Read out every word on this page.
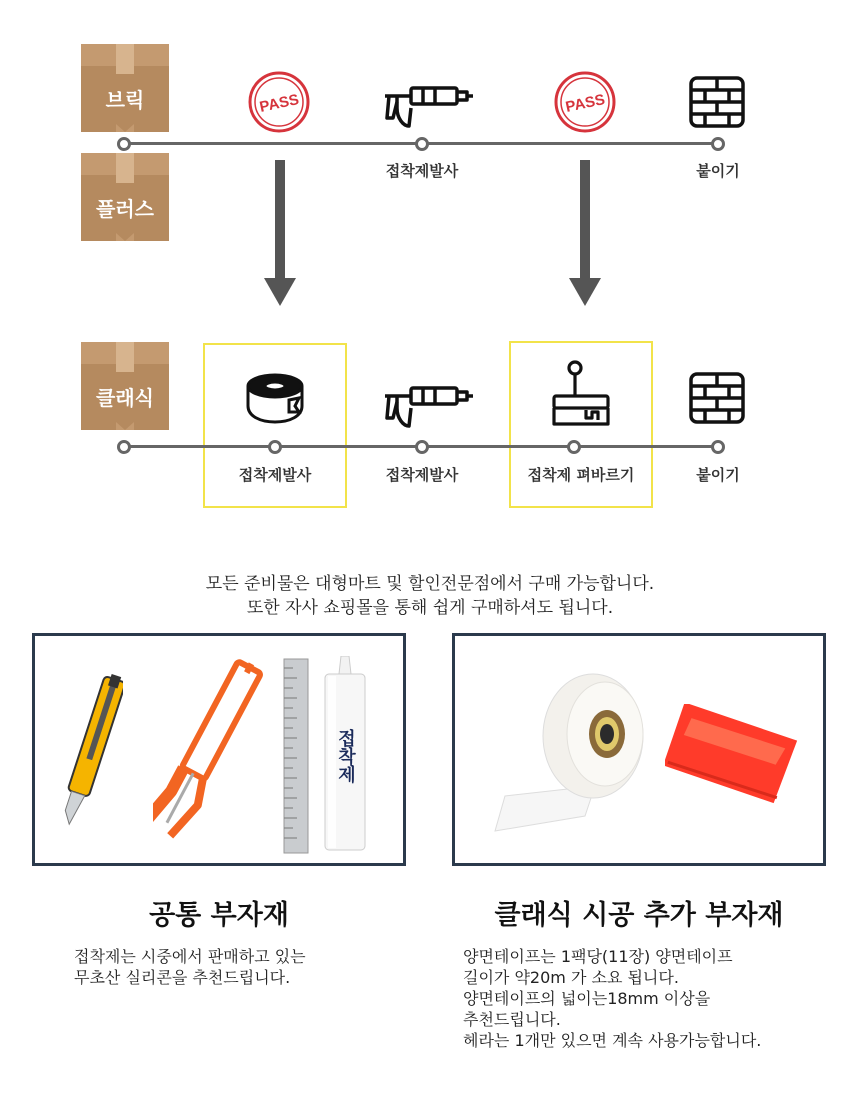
브릭
플러스
PASS	PASS
접착제발사	붙이기
클래식
접착제발사	접착제발사	접착제 펴바르기	붙이기
모든 준비물은 대형마트 및 할인전문점에서 구매 가능합니다.
또한 자사 쇼핑몰을 통해 쉽게 구매하셔도 됩니다.
접착제
공통 부자재
접착제는 시중에서 판매하고 있는
무초산 실리콘을 추천드립니다.
클래식 시공 추가 부자재
양면테이프는 1팩당(11장) 양면테이프
길이가 약20m 가 소요 됩니다.
양면테이프의 넓이는18mm 이상을
추천드립니다.
헤라는 1개만 있으면 계속 사용가능합니다.
